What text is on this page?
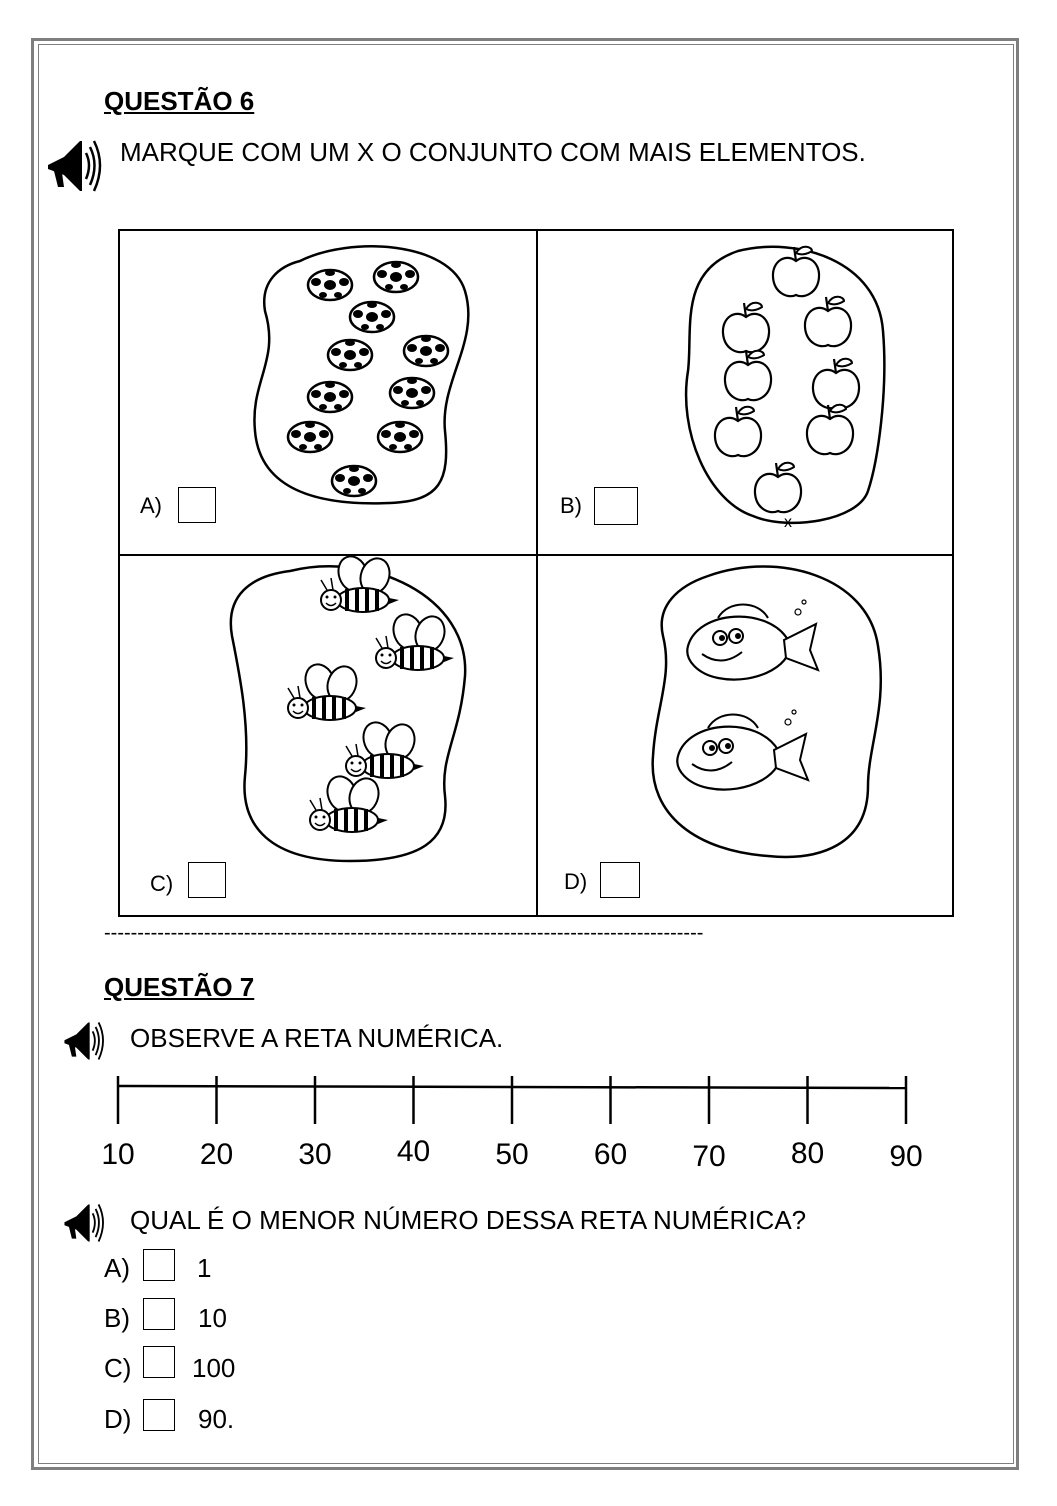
QUESTÃO 6
MARQUE COM UM X O CONJUNTO COM MAIS ELEMENTOS.
A)
x
B)
C)	D)
------------------------------------------------------------------------------------------
QUESTÃO 7
OBSERVE A RETA NUMÉRICA.
10 20 30 40 50 60 70 80 90
QUAL É O MENOR NÚMERO DESSA RETA NUMÉRICA?
A)	1
B)	10
C) 100
D)	90.
